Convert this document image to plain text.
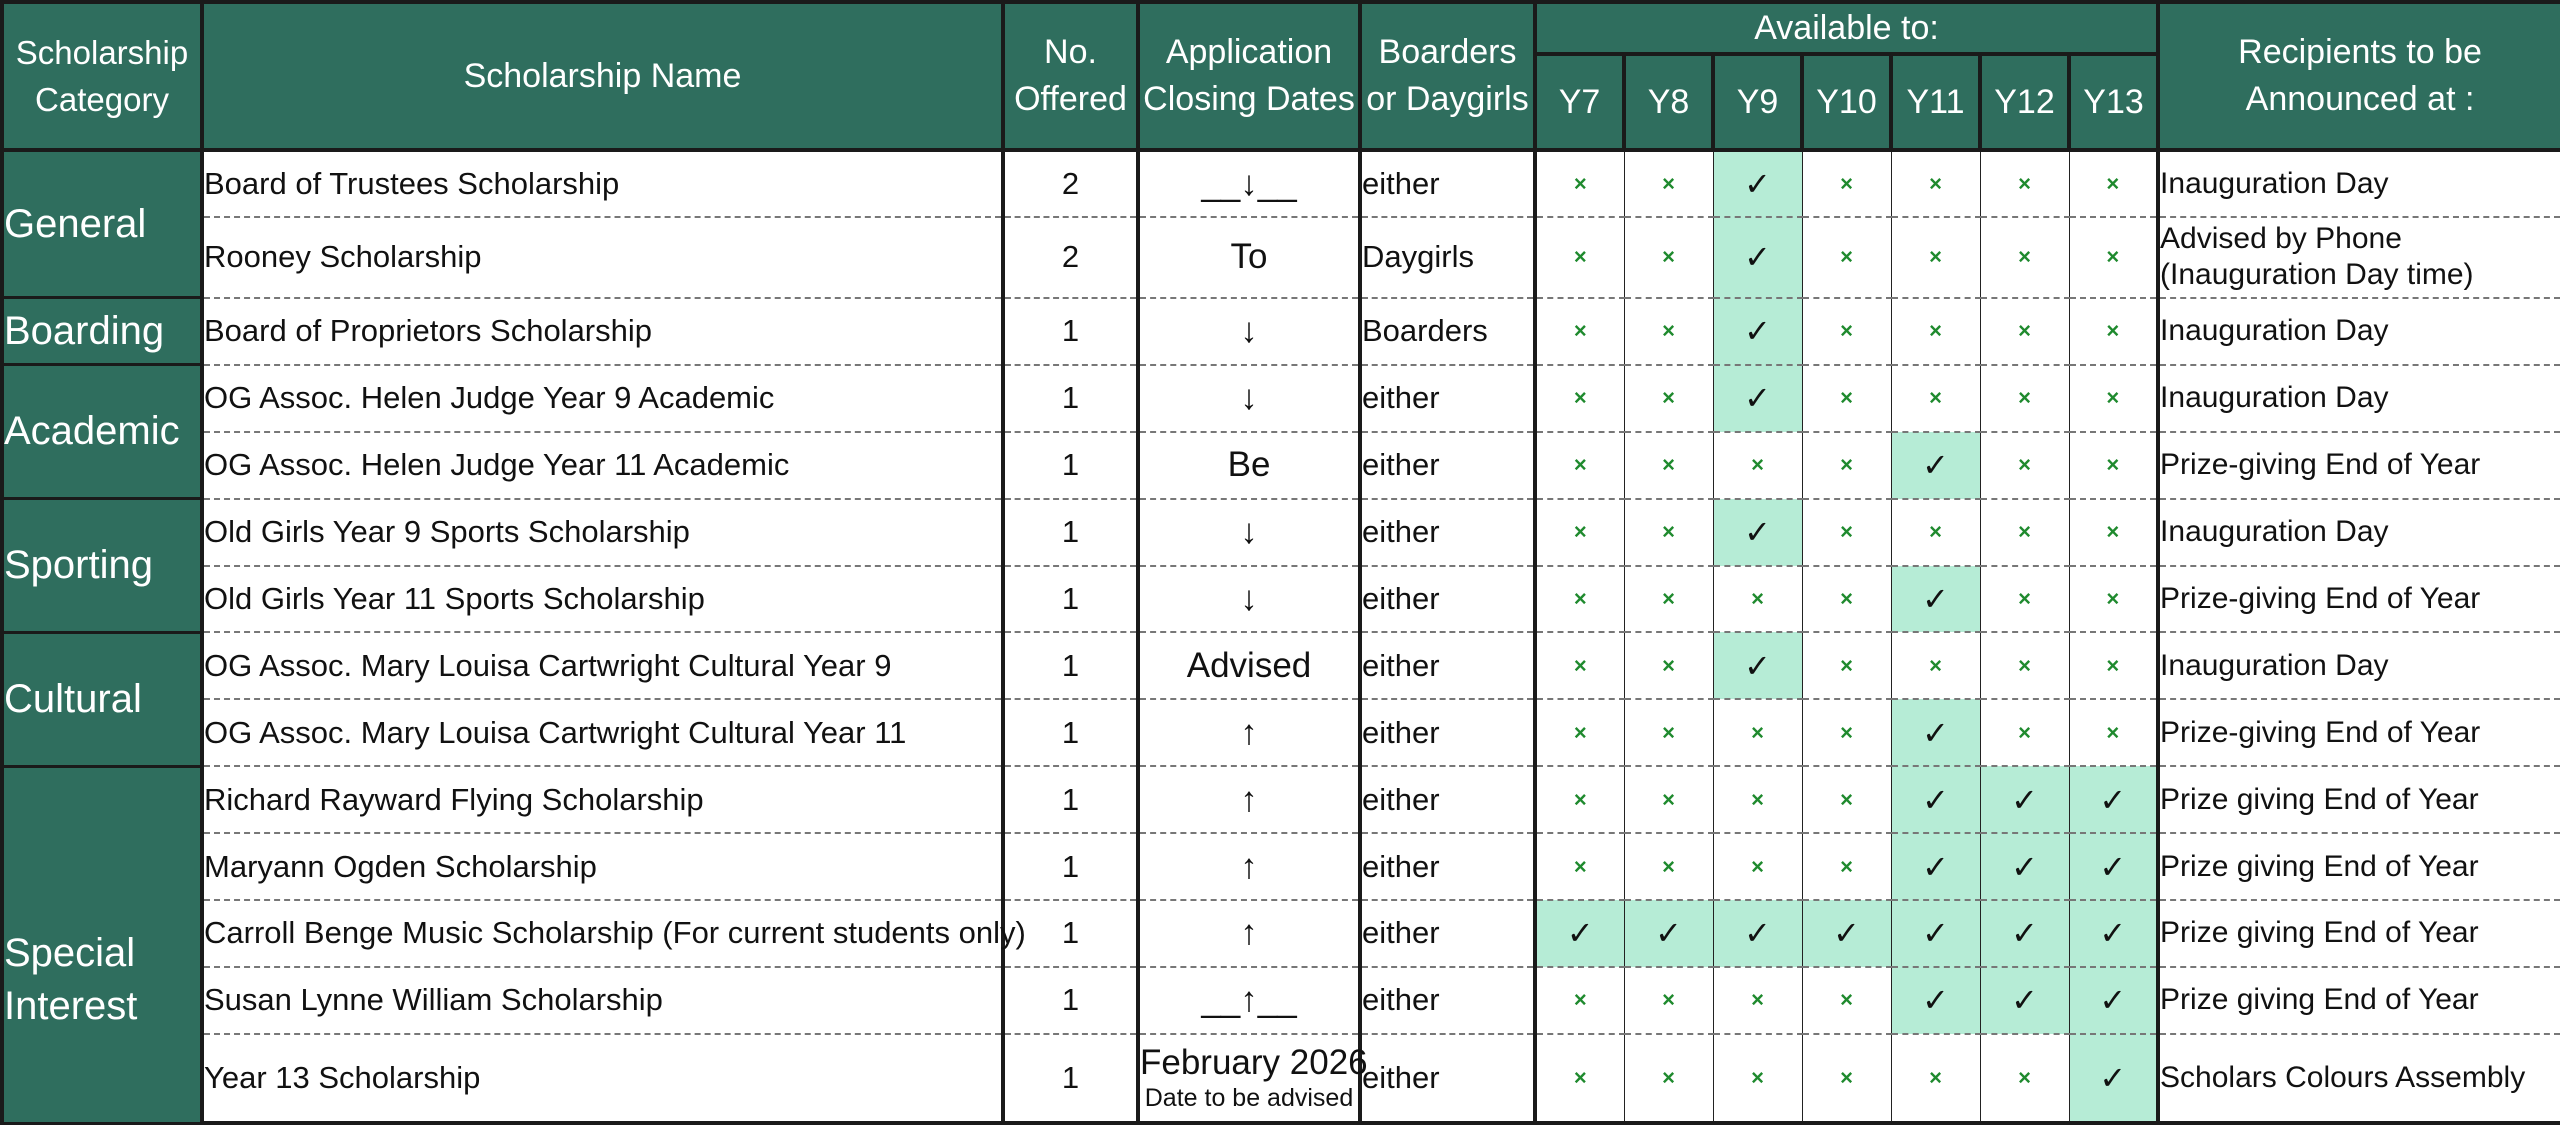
Scholarship Category	Scholarship Name	No. Offered	Application Closing Dates	Boarders or Daygirls	Available to:							Recipients to be Announced at :
					Y7	Y8	Y9	Y10	Y11	Y12	Y13	
General	Board of Trustees Scholarship	2	__↓__	either	×	×	✓	×	×	×	×	Inauguration Day
	Rooney Scholarship	2	To	Daygirls	×	×	✓	×	×	×	×	Advised by Phone
(Inauguration Day time)
Boarding	Board of Proprietors Scholarship	1	↓	Boarders	×	×	✓	×	×	×	×	Inauguration Day
Academic	OG Assoc. Helen Judge Year 9 Academic	1	↓	either	×	×	✓	×	×	×	×	Inauguration Day
	OG Assoc. Helen Judge Year 11 Academic	1	Be	either	×	×	×	×	✓	×	×	Prize-giving End of Year
Sporting	Old Girls Year 9 Sports Scholarship	1	↓	either	×	×	✓	×	×	×	×	Inauguration Day
	Old Girls Year 11 Sports Scholarship	1	↓	either	×	×	×	×	✓	×	×	Prize-giving End of Year
Cultural	OG Assoc. Mary Louisa Cartwright Cultural Year 9	1	Advised	either	×	×	✓	×	×	×	×	Inauguration Day
	OG Assoc. Mary Louisa Cartwright Cultural Year 11	1	↑	either	×	×	×	×	✓	×	×	Prize-giving End of Year
Special Interest	Richard Rayward Flying Scholarship	1	↑	either	×	×	×	×	✓	✓	✓	Prize giving End of Year
	Maryann Ogden Scholarship	1	↑	either	×	×	×	×	✓	✓	✓	Prize giving End of Year
	Carroll Benge Music Scholarship (For current students only)	1	↑	either	✓	✓	✓	✓	✓	✓	✓	Prize giving End of Year
	Susan Lynne William Scholarship	1	__↑__	either	×	×	×	×	✓	✓	✓	Prize giving End of Year
	Year 13 Scholarship	1	February 2026
Date to be advised	either	×	×	×	×	×	×	✓	Scholars Colours Assembly
